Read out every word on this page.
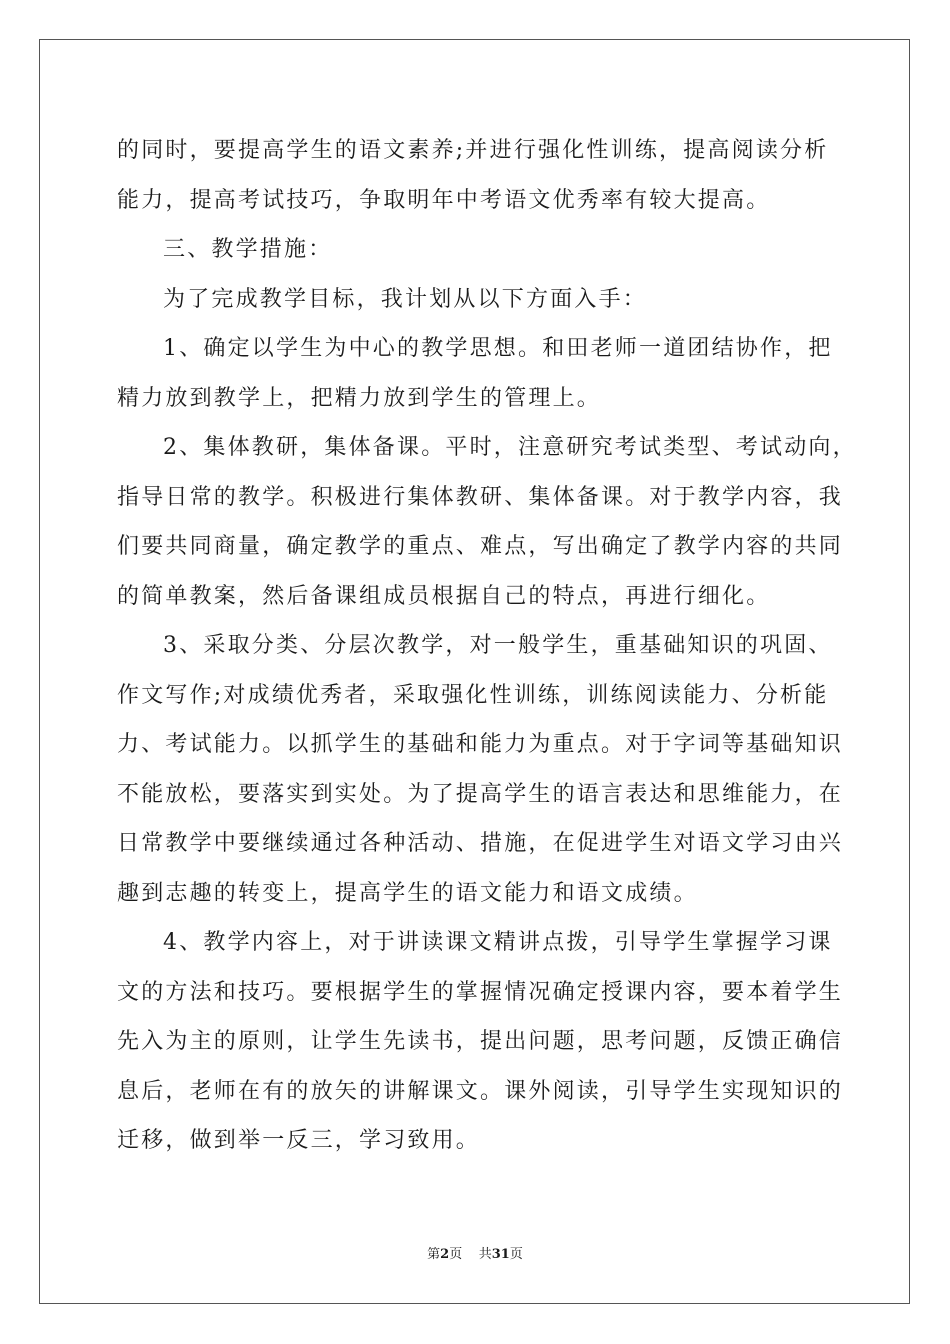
的同时，要提高学生的语文素养;并进行强化性训练，提高阅读分析
能力，提高考试技巧，争取明年中考语文优秀率有较大提高。
三、教学措施：
为了完成教学目标，我计划从以下方面入手：
1、确定以学生为中心的教学思想。和田老师一道团结协作，把
精力放到教学上，把精力放到学生的管理上。
2、集体教研，集体备课。平时，注意研究考试类型、考试动向，
指导日常的教学。积极进行集体教研、集体备课。对于教学内容，我
们要共同商量，确定教学的重点、难点，写出确定了教学内容的共同
的简单教案，然后备课组成员根据自己的特点，再进行细化。
3、采取分类、分层次教学，对一般学生，重基础知识的巩固、
作文写作;对成绩优秀者，采取强化性训练，训练阅读能力、分析能
力、考试能力。以抓学生的基础和能力为重点。对于字词等基础知识
不能放松，要落实到实处。为了提高学生的语言表达和思维能力，在
日常教学中要继续通过各种活动、措施，在促进学生对语文学习由兴
趣到志趣的转变上，提高学生的语文能力和语文成绩。
4、教学内容上，对于讲读课文精讲点拨，引导学生掌握学习课
文的方法和技巧。要根据学生的掌握情况确定授课内容，要本着学生
先入为主的原则，让学生先读书，提出问题，思考问题，反馈正确信
息后，老师在有的放矢的讲解课文。课外阅读，引导学生实现知识的
迁移，做到举一反三，学习致用。
第2页 共31页
